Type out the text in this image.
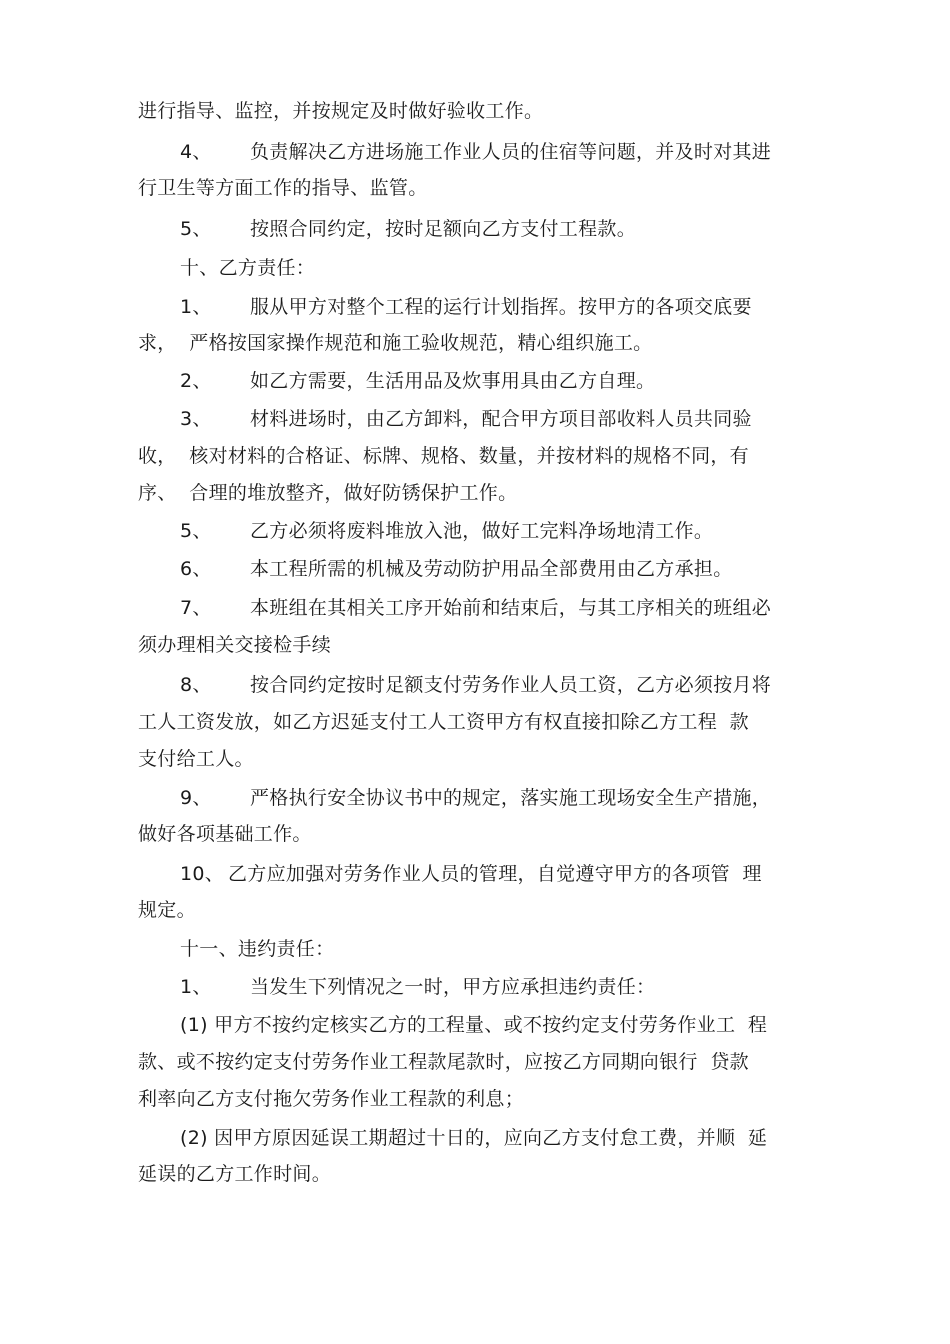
进行指导、监控，并按规定及时做好验收工作。
4、 负责解决乙方进场施工作业人员的住宿等问题，并及时对其进
行卫生等方面工作的指导、监管。
5、 按照合同约定，按时足额向乙方支付工程款。
十、乙方责任：
1、 服从甲方对整个工程的运行计划指挥。按甲方的各项交底要
求，  严格按国家操作规范和施工验收规范，精心组织施工。
2、 如乙方需要，生活用品及炊事用具由乙方自理。
3、 材料进场时，由乙方卸料，配合甲方项目部收料人员共同验
收，  核对材料的合格证、标牌、规格、数量，并按材料的规格不同，有
序、  合理的堆放整齐，做好防锈保护工作。
5、 乙方必须将废料堆放入池，做好工完料净场地清工作。
6、 本工程所需的机械及劳动防护用品全部费用由乙方承担。
7、 本班组在其相关工序开始前和结束后，与其工序相关的班组必
须办理相关交接检手续
8、 按合同约定按时足额支付劳务作业人员工资，乙方必须按月将
工人工资发放，如乙方迟延支付工人工资甲方有权直接扣除乙方工程  款
支付给工人。
9、 严格执行安全协议书中的规定，落实施工现场安全生产措施，
做好各项基础工作。
10、 乙方应加强对劳务作业人员的管理，自觉遵守甲方的各项管  理
规定。
十一、违约责任：
1、 当发生下列情况之一时，甲方应承担违约责任：
(1) 甲方不按约定核实乙方的工程量、或不按约定支付劳务作业工  程
款、或不按约定支付劳务作业工程款尾款时，应按乙方同期向银行  贷款
利率向乙方支付拖欠劳务作业工程款的利息；
(2) 因甲方原因延误工期超过十日的，应向乙方支付怠工费，并顺  延
延误的乙方工作时间。
